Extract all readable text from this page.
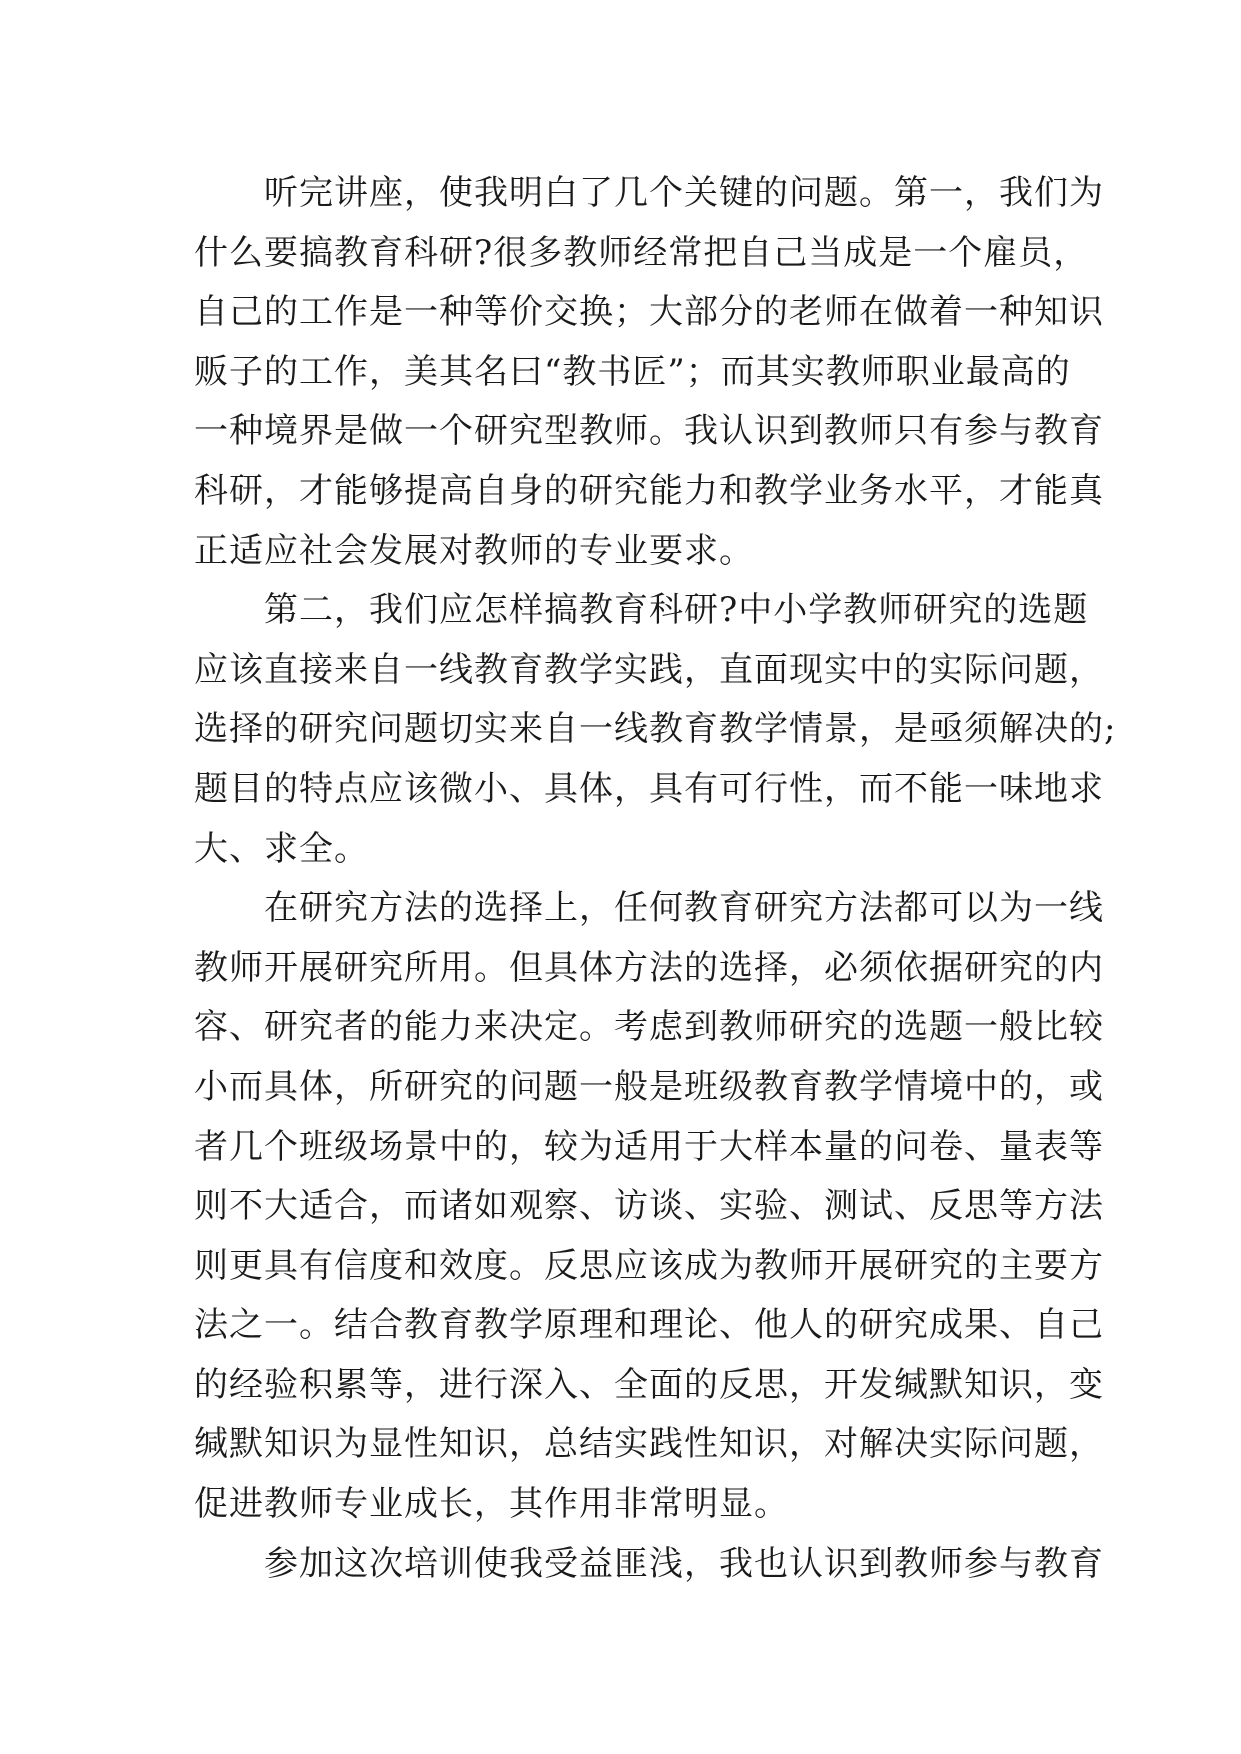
　　听完讲座，使我明白了几个关键的问题。第一，我们为
什么要搞教育科研?很多教师经常把自己当成是一个雇员，
自己的工作是一种等价交换；大部分的老师在做着一种知识
贩子的工作，美其名曰“教书匠”；而其实教师职业最高的
一种境界是做一个研究型教师。我认识到教师只有参与教育
科研，才能够提高自身的研究能力和教学业务水平，才能真
正适应社会发展对教师的专业要求。
　　第二，我们应怎样搞教育科研?中小学教师研究的选题
应该直接来自一线教育教学实践，直面现实中的实际问题，
选择的研究问题切实来自一线教育教学情景，是亟须解决的;
题目的特点应该微小、具体，具有可行性，而不能一味地求
大、求全。
　　在研究方法的选择上，任何教育研究方法都可以为一线
教师开展研究所用。但具体方法的选择，必须依据研究的内
容、研究者的能力来决定。考虑到教师研究的选题一般比较
小而具体，所研究的问题一般是班级教育教学情境中的，或
者几个班级场景中的，较为适用于大样本量的问卷、量表等
则不大适合，而诸如观察、访谈、实验、测试、反思等方法
则更具有信度和效度。反思应该成为教师开展研究的主要方
法之一。结合教育教学原理和理论、他人的研究成果、自己
的经验积累等，进行深入、全面的反思，开发缄默知识，变
缄默知识为显性知识，总结实践性知识，对解决实际问题，
促进教师专业成长，其作用非常明显。
　　参加这次培训使我受益匪浅，我也认识到教师参与教育
